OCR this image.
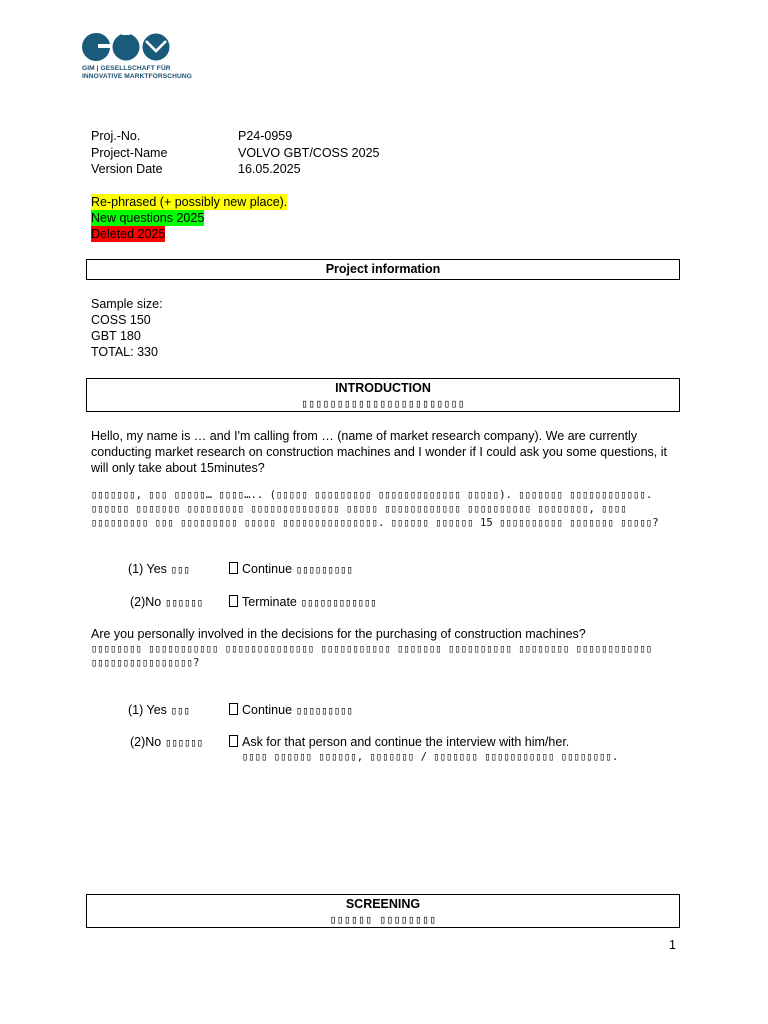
GIM | GESELLSCHAFT FÜR
INNOVATIVE MARKTFORSCHUNG
Proj.-No.	P24-0959
Project-Name	VOLVO GBT/COSS 2025
Version Date	16.05.2025
Re-phrased (+ possibly new place).
New questions 2025
Deleted 2025
Project information
Sample size:
COSS 150
GBT 180
TOTAL: 330
INTRODUCTION
▯▯▯▯▯▯▯▯▯▯▯▯▯▯▯▯▯▯▯▯▯▯▯
Hello, my name is … and I'm calling from … (name of market research company). We are currently conducting market research on construction machines and I wonder if I could ask you some questions, it will only take about 15minutes?
▯▯▯▯▯▯▯, ▯▯▯ ▯▯▯▯▯… ▯▯▯▯….. (▯▯▯▯▯ ▯▯▯▯▯▯▯▯▯ ▯▯▯▯▯▯▯▯▯▯▯▯▯ ▯▯▯▯▯). ▯▯▯▯▯▯▯ ▯▯▯▯▯▯▯▯▯▯▯▯. ▯▯▯▯▯▯ ▯▯▯▯▯▯▯ ▯▯▯▯▯▯▯▯▯ ▯▯▯▯▯▯▯▯▯▯▯▯▯▯ ▯▯▯▯▯ ▯▯▯▯▯▯▯▯▯▯▯▯ ▯▯▯▯▯▯▯▯▯▯ ▯▯▯▯▯▯▯▯, ▯▯▯▯ ▯▯▯▯▯▯▯▯▯ ▯▯▯ ▯▯▯▯▯▯▯▯▯ ▯▯▯▯▯ ▯▯▯▯▯▯▯▯▯▯▯▯▯▯▯. ▯▯▯▯▯▯ ▯▯▯▯▯▯ 15 ▯▯▯▯▯▯▯▯▯▯ ▯▯▯▯▯▯▯ ▯▯▯▯▯?
(1) Yes ▯▯▯	Continue ▯▯▯▯▯▯▯▯▯
(2)No ▯▯▯▯▯▯	Terminate ▯▯▯▯▯▯▯▯▯▯▯▯
Are you personally involved in the decisions for the purchasing of construction machines?
▯▯▯▯▯▯▯▯ ▯▯▯▯▯▯▯▯▯▯▯ ▯▯▯▯▯▯▯▯▯▯▯▯▯▯ ▯▯▯▯▯▯▯▯▯▯▯ ▯▯▯▯▯▯▯ ▯▯▯▯▯▯▯▯▯▯ ▯▯▯▯▯▯▯▯ ▯▯▯▯▯▯▯▯▯▯▯▯ ▯▯▯▯▯▯▯▯▯▯▯▯▯▯▯▯?
(1) Yes ▯▯▯	Continue ▯▯▯▯▯▯▯▯▯
(2)No ▯▯▯▯▯▯	Ask for that person and continue the interview with him/her.
▯▯▯▯ ▯▯▯▯▯▯ ▯▯▯▯▯▯, ▯▯▯▯▯▯▯ / ▯▯▯▯▯▯▯ ▯▯▯▯▯▯▯▯▯▯▯ ▯▯▯▯▯▯▯▯.
SCREENING
▯▯▯▯▯▯ ▯▯▯▯▯▯▯▯
1
